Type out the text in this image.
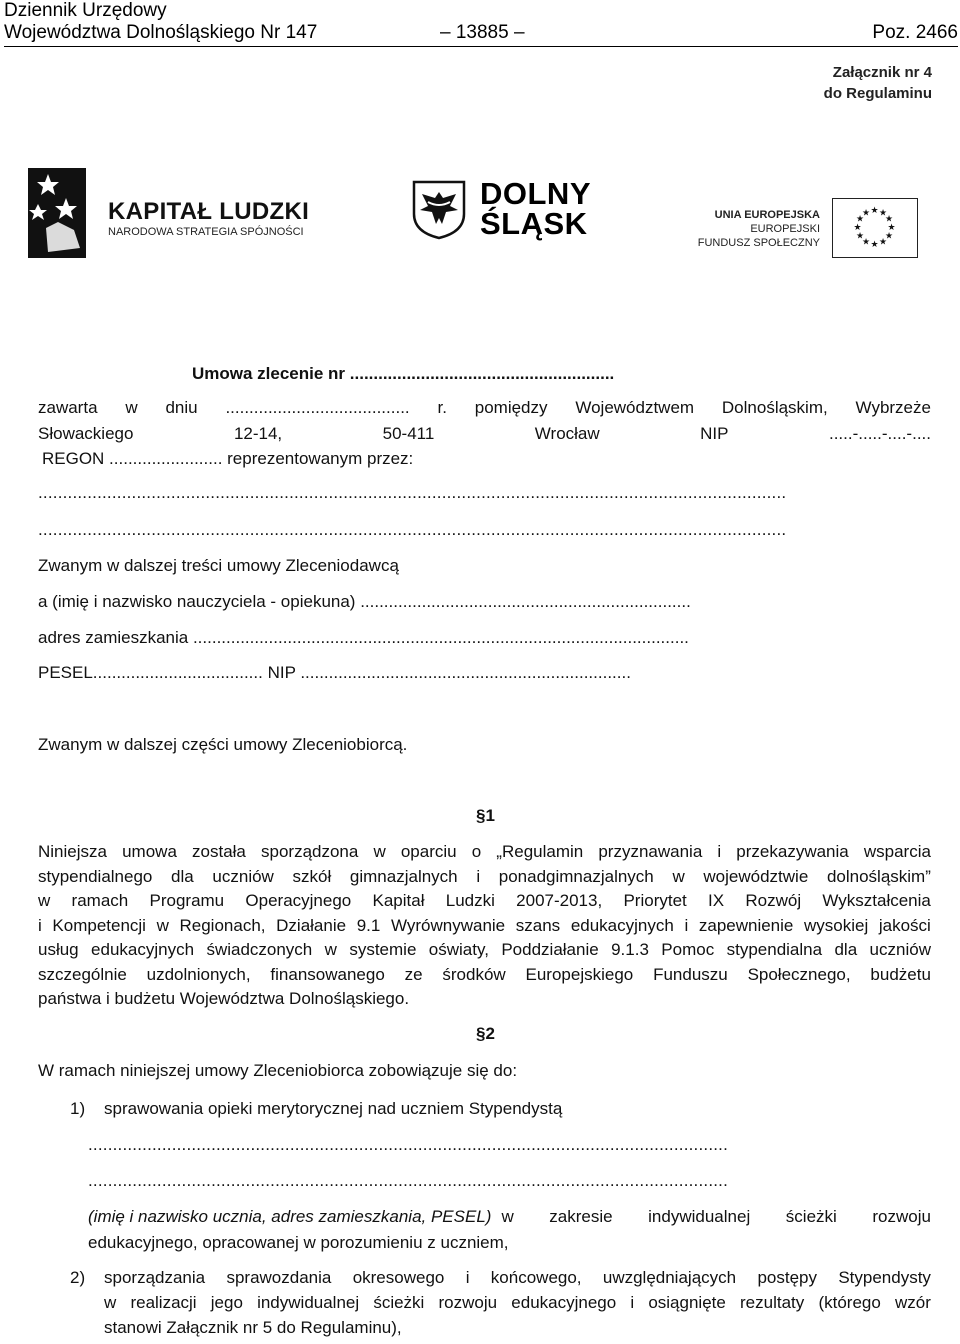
Dziennik Urzędowy
Województwa Dolnośląskiego Nr 147	– 13885 –	Poz. 2466
Załącznik nr 4
do Regulaminu
KAPITAŁ LUDZKI
NARODOWA STRATEGIA SPÓJNOŚCI
DOLNY
ŚLĄSK	UNIA EUROPEJSKA
EUROPEJSKI
FUNDUSZ SPOŁECZNY
★ ★
★
★
★
★
★
★
★
★
★
★
Umowa zlecenie nr ........................................................
zawarta w dniu ....................................... r. pomiędzy Województwem Dolnośląskim, Wybrzeże
Słowackiego	12-14,	50-411	Wrocław	NIP	.....-.....-....-....
REGON ........................ reprezentowanym przez:
........................................................................................................................................................
........................................................................................................................................................
Zwanym w dalszej treści umowy Zleceniodawcą
a (imię i nazwisko nauczyciela - opiekuna) ......................................................................
adres zamieszkania .........................................................................................................
PESEL.................................... NIP ......................................................................
Zwanym w dalszej części umowy Zleceniobiorcą.
§1
Niniejsza umowa została sporządzona w oparciu o „Regulamin przyznawania i przekazywania wsparcia
stypendialnego dla uczniów szkół gimnazjalnych i ponadgimnazjalnych w województwie dolnośląskim”
w ramach Programu Operacyjnego Kapitał Ludzki 2007-2013, Priorytet IX Rozwój Wykształcenia
i Kompetencji w Regionach, Działanie 9.1 Wyrównywanie szans edukacyjnych i zapewnienie wysokiej jakości
usług edukacyjnych świadczonych w systemie oświaty, Poddziałanie 9.1.3 Pomoc stypendialna dla uczniów
szczególnie uzdolnionych, finansowanego ze środków Europejskiego Funduszu Społecznego, budżetu
państwa i budżetu Województwa Dolnośląskiego.
§2
W ramach niniejszej umowy Zleceniobiorca zobowiązuje się do:
1) sprawowania opieki merytorycznej nad uczniem Stypendystą
..................................................................................................................................
..................................................................................................................................
(imię i nazwisko ucznia, adres zamieszkania, PESEL) w zakresie indywidualnej ścieżki rozwoju
edukacyjnego, opracowanej w porozumieniu z uczniem,
2)	sporządzania sprawozdania okresowego i końcowego, uwzględniających postępy Stypendysty
w realizacji jego indywidualnej ścieżki rozwoju edukacyjnego i osiągnięte rezultaty (którego wzór
stanowi Załącznik nr 5 do Regulaminu),
